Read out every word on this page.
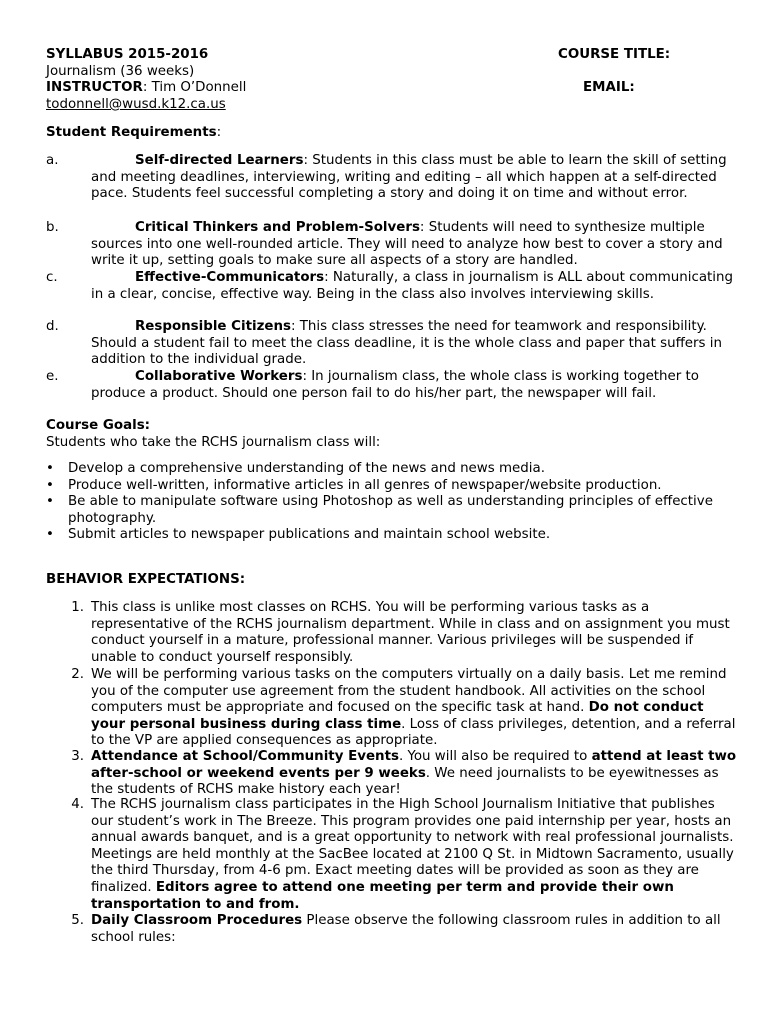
SYLLABUS 2015-2016	COURSE TITLE:
Journalism (36 weeks)
INSTRUCTOR: Tim O’Donnell	EMAIL:
todonnell@wusd.k12.ca.us
Student Requirements:
a.	Self-directed Learners: Students in this class must be able to learn the skill of setting and meeting deadlines, interviewing, writing and editing – all which happen at a self-directed pace. Students feel successful completing a story and doing it on time and without error.
b.	Critical Thinkers and Problem-Solvers: Students will need to synthesize multiple sources into one well-rounded article. They will need to analyze how best to cover a story and write it up, setting goals to make sure all aspects of a story are handled.
c.	Effective-Communicators: Naturally, a class in journalism is ALL about communicating in a clear, concise, effective way. Being in the class also involves interviewing skills.
d.	Responsible Citizens: This class stresses the need for teamwork and responsibility. Should a student fail to meet the class deadline, it is the whole class and paper that suffers in addition to the individual grade.
e.	Collaborative Workers: In journalism class, the whole class is working together to produce a product. Should one person fail to do his/her part, the newspaper will fail.
Course Goals:
Students who take the RCHS journalism class will:
• Develop a comprehensive understanding of the news and news media.
• Produce well-written, informative articles in all genres of newspaper/website production.
• Be able to manipulate software using Photoshop as well as understanding principles of effective photography.
• Submit articles to newspaper publications and maintain school website.
BEHAVIOR EXPECTATIONS:
1. This class is unlike most classes on RCHS. You will be performing various tasks as a representative of the RCHS journalism department. While in class and on assignment you must conduct yourself in a mature, professional manner. Various privileges will be suspended if unable to conduct yourself responsibly.
2. We will be performing various tasks on the computers virtually on a daily basis. Let me remind you of the computer use agreement from the student handbook. All activities on the school computers must be appropriate and focused on the specific task at hand. Do not conduct your personal business during class time. Loss of class privileges, detention, and a referral to the VP are applied consequences as appropriate.
3. Attendance at School/Community Events. You will also be required to attend at least two after-school or weekend events per 9 weeks. We need journalists to be eyewitnesses as the students of RCHS make history each year!
4. The RCHS journalism class participates in the High School Journalism Initiative that publishes our student’s work in The Breeze. This program provides one paid internship per year, hosts an annual awards banquet, and is a great opportunity to network with real professional journalists. Meetings are held monthly at the SacBee located at 2100 Q St. in Midtown Sacramento, usually the third Thursday, from 4-6 pm. Exact meeting dates will be provided as soon as they are finalized. Editors agree to attend one meeting per term and provide their own transportation to and from.
5. Daily Classroom Procedures Please observe the following classroom rules in addition to all school rules:
